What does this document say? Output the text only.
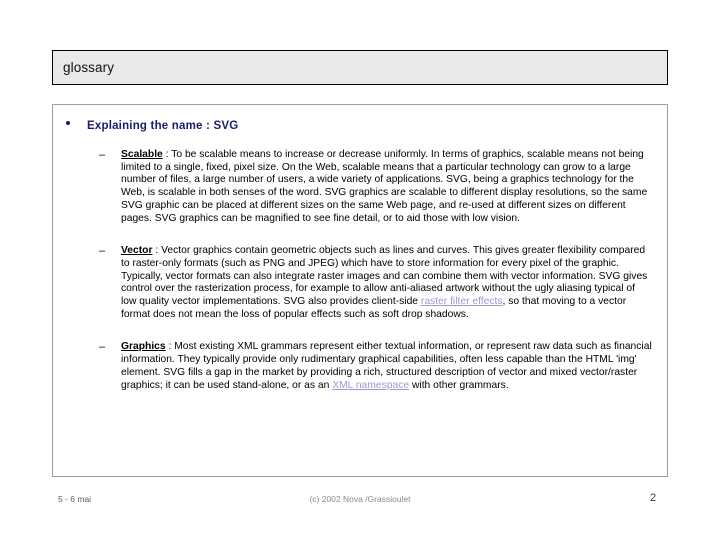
glossary
Explaining the name : SVG
– Scalable : To be scalable means to increase or decrease uniformly. In terms of graphics, scalable means not being limited to a single, fixed, pixel size. On the Web, scalable means that a particular technology can grow to a large number of files, a large number of users, a wide variety of applications. SVG, being a graphics technology for the Web, is scalable in both senses of the word. SVG graphics are scalable to different display resolutions, so the same SVG graphic can be placed at different sizes on the same Web page, and re-used at different sizes on different pages. SVG graphics can be magnified to see fine detail, or to aid those with low vision.
– Vector : Vector graphics contain geometric objects such as lines and curves. This gives greater flexibility compared to raster-only formats (such as PNG and JPEG) which have to store information for every pixel of the graphic. Typically, vector formats can also integrate raster images and can combine them with vector information. SVG gives control over the rasterization process, for example to allow anti-aliased artwork without the ugly aliasing typical of low quality vector implementations. SVG also provides client-side raster filter effects, so that moving to a vector format does not mean the loss of popular effects such as soft drop shadows.
– Graphics : Most existing XML grammars represent either textual information, or represent raw data such as financial information. They typically provide only rudimentary graphical capabilities, often less capable than the HTML 'img' element. SVG fills a gap in the market by providing a rich, structured description of vector and mixed vector/raster graphics; it can be used stand-alone, or as an XML namespace with other grammars.
5 - 6 mai	(c) 2002 Nova /Grassioulet	2
